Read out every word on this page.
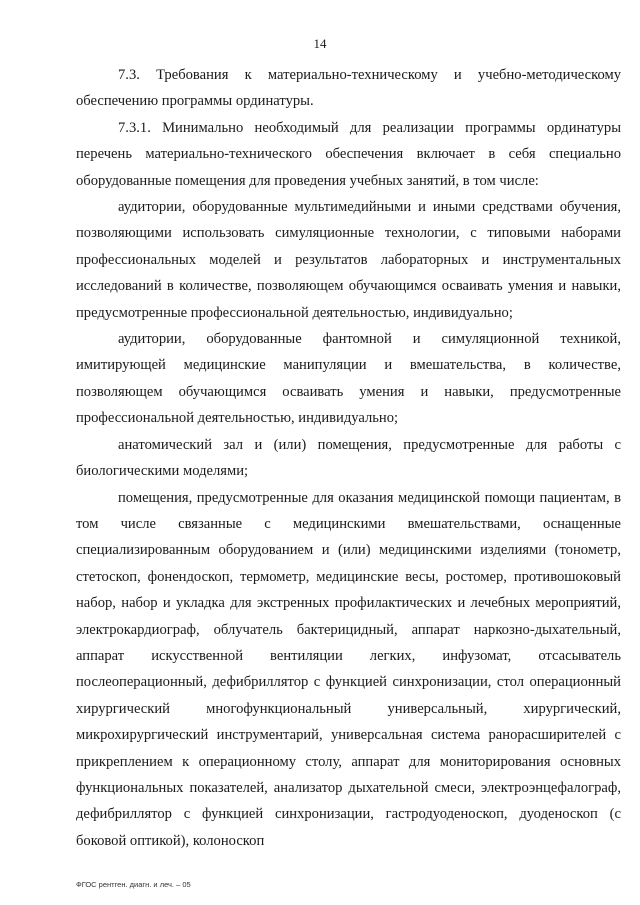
14

7.3. Требования к материально-техническому и учебно-методическому обеспечению программы ординатуры.

7.3.1. Минимально необходимый для реализации программы ординатуры перечень материально-технического обеспечения включает в себя специально оборудованные помещения для проведения учебных занятий, в том числе:

аудитории, оборудованные мультимедийными и иными средствами обучения, позволяющими использовать симуляционные технологии, с типовыми наборами профессиональных моделей и результатов лабораторных и инструментальных исследований в количестве, позволяющем обучающимся осваивать умения и навыки, предусмотренные профессиональной деятельностью, индивидуально;

аудитории, оборудованные фантомной и симуляционной техникой, имитирующей медицинские манипуляции и вмешательства, в количестве, позволяющем обучающимся осваивать умения и навыки, предусмотренные профессиональной деятельностью, индивидуально;

анатомический зал и (или) помещения, предусмотренные для работы с биологическими моделями;

помещения, предусмотренные для оказания медицинской помощи пациентам, в том числе связанные с медицинскими вмешательствами, оснащенные специализированным оборудованием и (или) медицинскими изделиями (тонометр, стетоскоп, фонендоскоп, термометр, медицинские весы, ростомер, противошоковый набор, набор и укладка для экстренных профилактических и лечебных мероприятий, электрокардиограф, облучатель бактерицидный, аппарат наркозно-дыхательный, аппарат искусственной вентиляции легких, инфузомат, отсасыватель послеоперационный, дефибриллятор с функцией синхронизации, стол операционный хирургический многофункциональный универсальный, хирургический, микрохирургический инструментарий, универсальная система ранорасширителей с прикреплением к операционному столу, аппарат для мониторирования основных функциональных показателей, анализатор дыхательной смеси, электроэнцефалограф, дефибриллятор с функцией синхронизации, гастродуоденоскоп, дуоденоскоп (с боковой оптикой), колоноскоп

ФГОС рентген. диагн. и леч. – 05
